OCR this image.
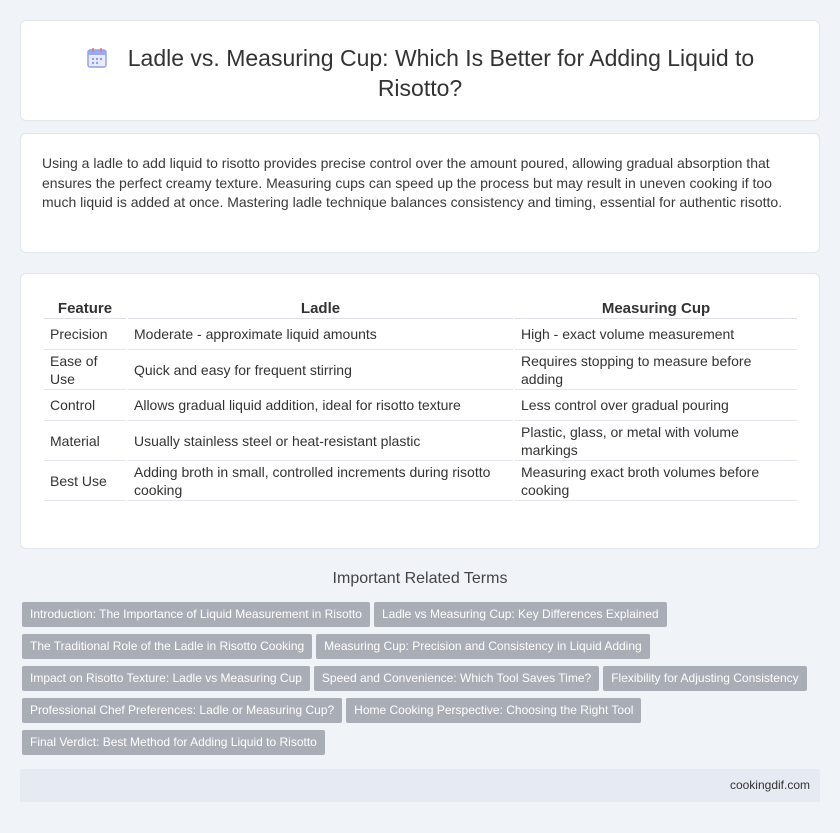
Ladle vs. Measuring Cup: Which Is Better for Adding Liquid to Risotto?

Using a ladle to add liquid to risotto provides precise control over the amount poured, allowing gradual absorption that ensures the perfect creamy texture. Measuring cups can speed up the process but may result in uneven cooking if too much liquid is added at once. Mastering ladle technique balances consistency and timing, essential for authentic risotto.

Feature	Ladle	Measuring Cup
Precision	Moderate - approximate liquid amounts	High - exact volume measurement
Ease of Use	Quick and easy for frequent stirring	Requires stopping to measure before adding
Control	Allows gradual liquid addition, ideal for risotto texture	Less control over gradual pouring
Material	Usually stainless steel or heat-resistant plastic	Plastic, glass, or metal with volume markings
Best Use	Adding broth in small, controlled increments during risotto cooking	Measuring exact broth volumes before cooking
Important Related Terms
Introduction: The Importance of Liquid Measurement in Risotto Ladle vs Measuring Cup: Key Differences Explained
The Traditional Role of the Ladle in Risotto Cooking Measuring Cup: Precision and Consistency in Liquid Adding
Impact on Risotto Texture: Ladle vs Measuring Cup Speed and Convenience: Which Tool Saves Time? Flexibility for Adjusting Consistency
Professional Chef Preferences: Ladle or Measuring Cup? Home Cooking Perspective: Choosing the Right Tool
Final Verdict: Best Method for Adding Liquid to Risotto
cookingdif.com
